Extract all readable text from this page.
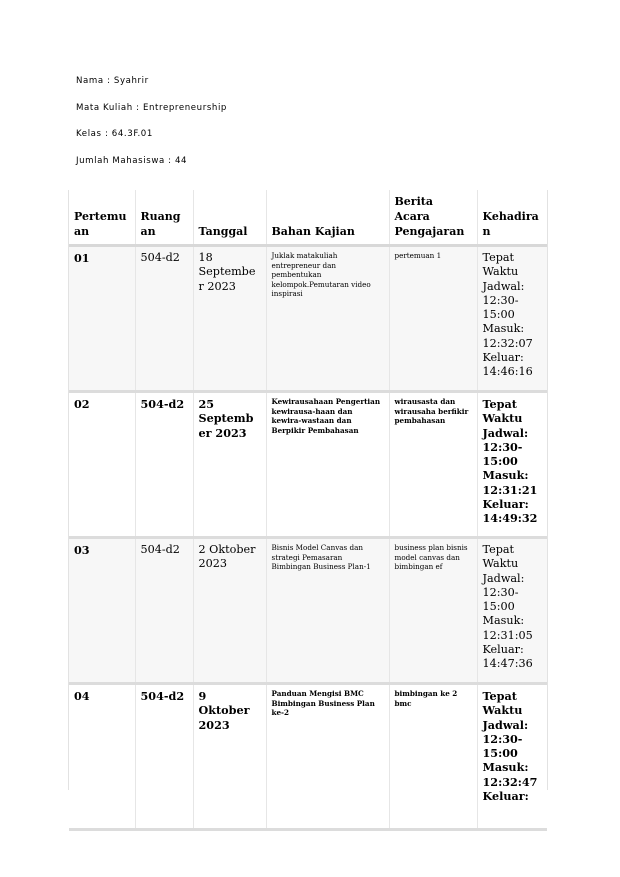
Nama : Syahrir
Mata Kuliah : Entrepreneurship
Kelas : 64.3F.01
Jumlah Mahasiswa : 44
Pertemuan	Ruangan	Tanggal	Bahan Kajian	Berita Acara Pengajaran	Kehadiran
01	504-d2	18 September 2023	Juklak matakuliah entrepreneur dan pembentukan kelompok.Pemutaran video inspirasi	pertemuan 1	Tepat Waktu Jadwal: 12:30-15:00 Masuk: 12:32:07 Keluar: 14:46:16
02	504-d2	25 September 2023	Kewirausahaan Pengertian kewirausa-haan dan kewira-wastaan dan Berpikir Pembahasan	wirausasta dan wirausaha berfikir pembahasan	Tepat Waktu Jadwal: 12:30-15:00 Masuk: 12:31:21 Keluar: 14:49:32
03	504-d2	2 Oktober 2023	Bisnis Model Canvas dan strategi Pemasaran Bimbingan Business Plan-1	business plan bisnis model canvas dan bimbingan ef	Tepat Waktu Jadwal: 12:30-15:00 Masuk: 12:31:05 Keluar: 14:47:36
04	504-d2	9 Oktober 2023	Panduan Mengisi BMC Bimbingan Business Plan ke-2	bimbingan ke 2 bmc	Tepat Waktu Jadwal: 12:30-15:00 Masuk: 12:32:47 Keluar:
